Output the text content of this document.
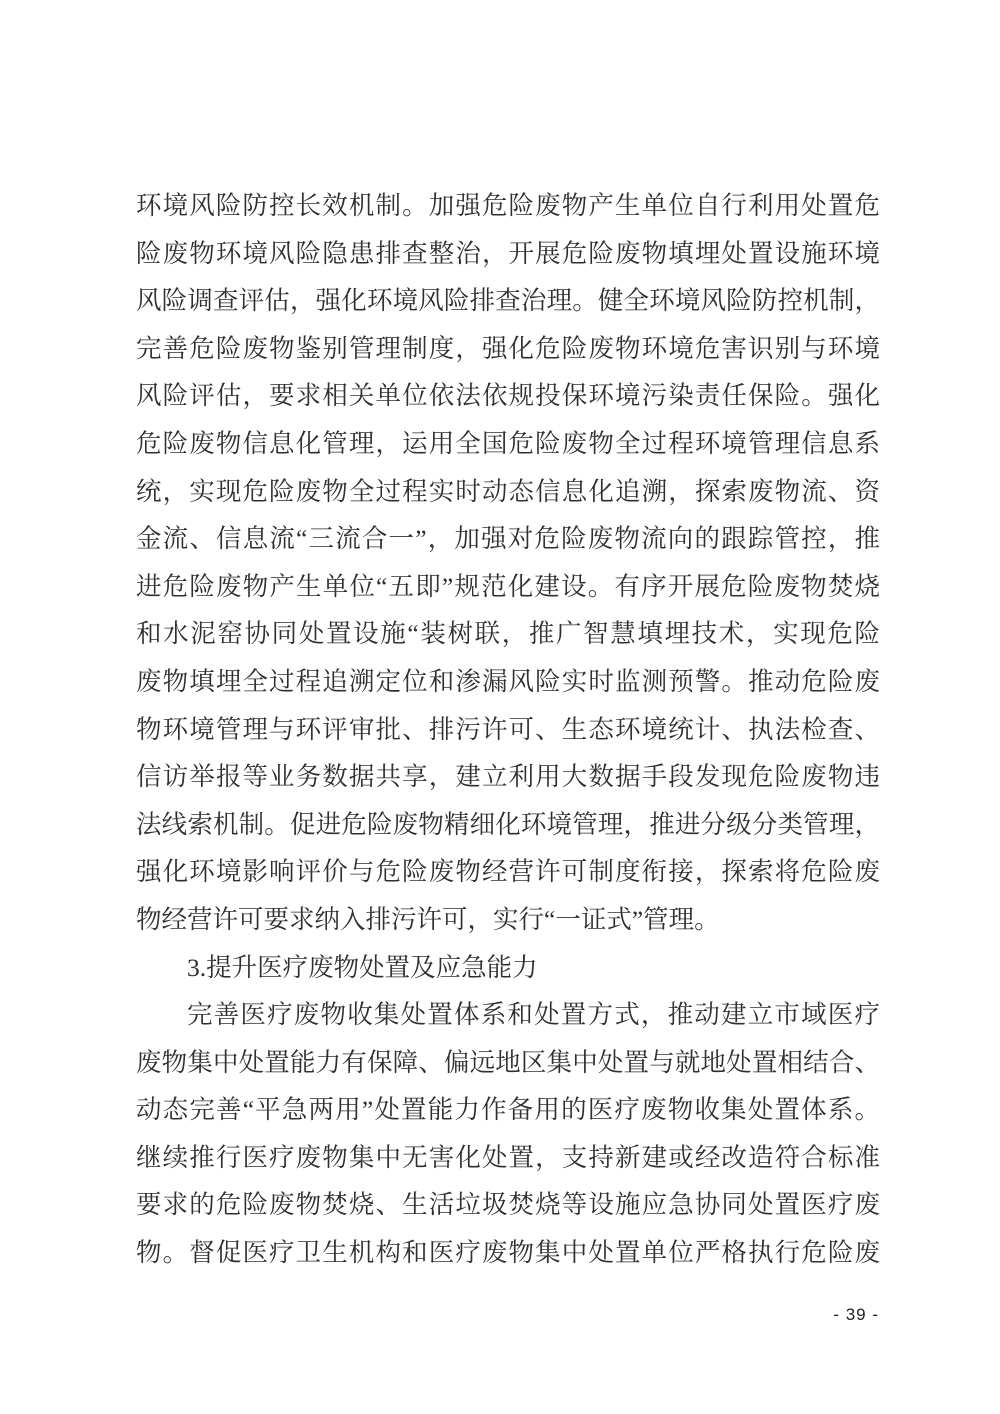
环境风险防控长效机制。加强危险废物产生单位自行利用处置危
险废物环境风险隐患排查整治，开展危险废物填埋处置设施环境
风险调查评估，强化环境风险排查治理。健全环境风险防控机制，
完善危险废物鉴别管理制度，强化危险废物环境危害识别与环境
风险评估，要求相关单位依法依规投保环境污染责任保险。强化
危险废物信息化管理，运用全国危险废物全过程环境管理信息系
统，实现危险废物全过程实时动态信息化追溯，探索废物流、资
金流、信息流“三流合一”，加强对危险废物流向的跟踪管控，推
进危险废物产生单位“五即”规范化建设。有序开展危险废物焚烧
和水泥窑协同处置设施“装树联，推广智慧填埋技术，实现危险
废物填埋全过程追溯定位和渗漏风险实时监测预警。推动危险废
物环境管理与环评审批、排污许可、生态环境统计、执法检查、
信访举报等业务数据共享，建立利用大数据手段发现危险废物违
法线索机制。促进危险废物精细化环境管理，推进分级分类管理，
强化环境影响评价与危险废物经营许可制度衔接，探索将危险废
物经营许可要求纳入排污许可，实行“一证式”管理。
3.提升医疗废物处置及应急能力
完善医疗废物收集处置体系和处置方式，推动建立市域医疗
废物集中处置能力有保障、偏远地区集中处置与就地处置相结合、
动态完善“平急两用”处置能力作备用的医疗废物收集处置体系。
继续推行医疗废物集中无害化处置，支持新建或经改造符合标准
要求的危险废物焚烧、生活垃圾焚烧等设施应急协同处置医疗废
物。督促医疗卫生机构和医疗废物集中处置单位严格执行危险废
- 39 -
